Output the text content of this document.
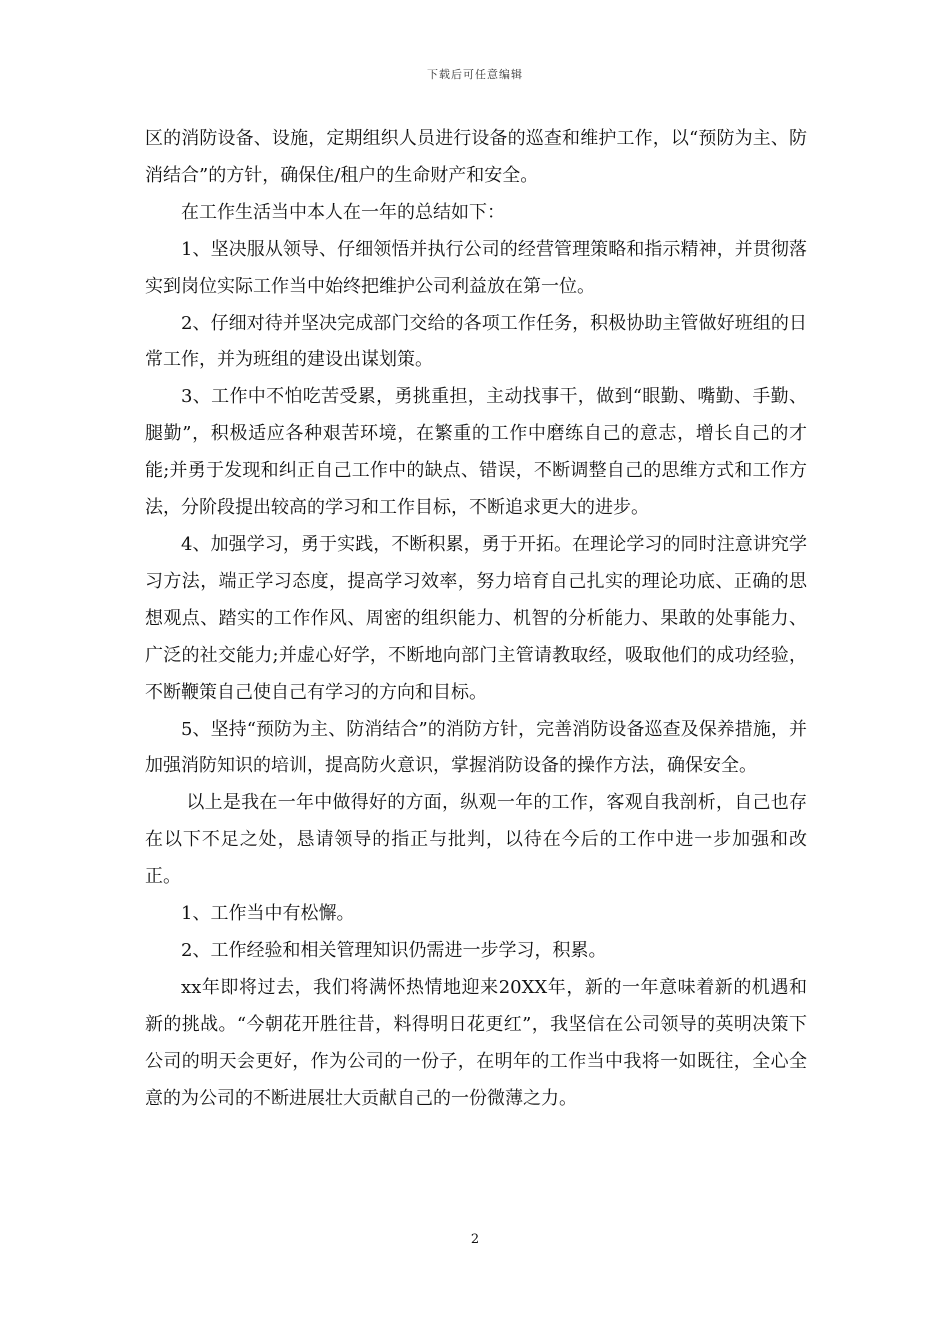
下载后可任意编辑

区的消防设备、设施，定期组织人员进行设备的巡查和维护工作，以“预防为主、防消结合”的方针，确保住/租户的生命财产和安全。

在工作生活当中本人在一年的总结如下：

1、坚决服从领导、仔细领悟并执行公司的经营管理策略和指示精神，并贯彻落实到岗位实际工作当中始终把维护公司利益放在第一位。

2、仔细对待并坚决完成部门交给的各项工作任务，积极协助主管做好班组的日常工作，并为班组的建设出谋划策。

3、工作中不怕吃苦受累，勇挑重担，主动找事干，做到“眼勤、嘴勤、手勤、腿勤”，积极适应各种艰苦环境，在繁重的工作中磨练自己的意志，增长自己的才能;并勇于发现和纠正自己工作中的缺点、错误，不断调整自己的思维方式和工作方法，分阶段提出较高的学习和工作目标，不断追求更大的进步。

4、加强学习，勇于实践，不断积累，勇于开拓。在理论学习的同时注意讲究学习方法，端正学习态度，提高学习效率，努力培育自己扎实的理论功底、正确的思想观点、踏实的工作作风、周密的组织能力、机智的分析能力、果敢的处事能力、广泛的社交能力;并虚心好学，不断地向部门主管请教取经，吸取他们的成功经验，不断鞭策自己使自己有学习的方向和目标。

5、坚持“预防为主、防消结合”的消防方针，完善消防设备巡查及保养措施，并加强消防知识的培训，提高防火意识，掌握消防设备的操作方法，确保安全。

以上是我在一年中做得好的方面，纵观一年的工作，客观自我剖析，自己也存在以下不足之处，恳请领导的指正与批判，以待在今后的工作中进一步加强和改正。

1、工作当中有松懈。

2、工作经验和相关管理知识仍需进一步学习，积累。

xx年即将过去，我们将满怀热情地迎来20XX年，新的一年意味着新的机遇和新的挑战。“今朝花开胜往昔，料得明日花更红”，我坚信在公司领导的英明决策下公司的明天会更好，作为公司的一份子，在明年的工作当中我将一如既往，全心全意的为公司的不断进展壮大贡献自己的一份微薄之力。

2
